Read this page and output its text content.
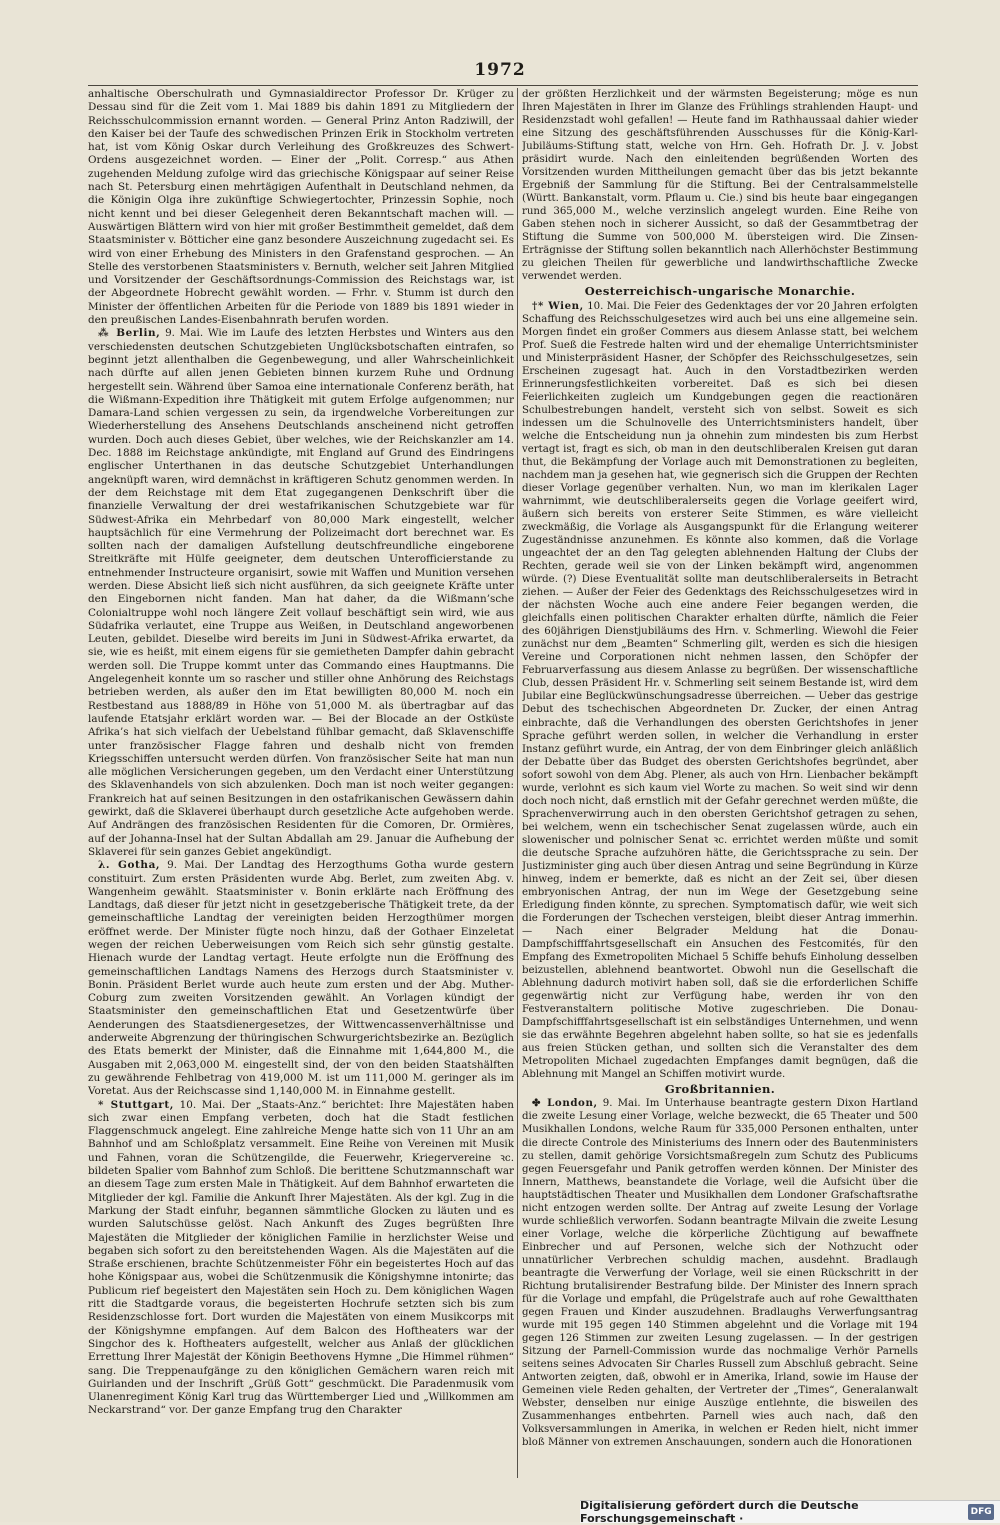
1972

anhaltische Oberschulrath und Gymnasialdirector Professor Dr. Krüger zu Dessau sind für die Zeit vom 1. Mai 1889 bis dahin 1891 zu Mitgliedern der Reichsschulcommission ernannt worden. — General Prinz Anton Radziwill, der den Kaiser bei der Taufe des schwedischen Prinzen Erik in Stockholm vertreten hat, ist vom König Oskar durch Verleihung des Großkreuzes des Schwert-Ordens ausgezeichnet worden. — Einer der „Polit. Corresp.“ aus Athen zugehenden Meldung zufolge wird das griechische Königspaar auf seiner Reise nach St. Petersburg einen mehrtägigen Aufenthalt in Deutschland nehmen, da die Königin Olga ihre zukünftige Schwiegertochter, Prinzessin Sophie, noch nicht kennt und bei dieser Gelegenheit deren Bekanntschaft machen will. — Auswärtigen Blättern wird von hier mit großer Bestimmtheit gemeldet, daß dem Staatsminister v. Bötticher eine ganz besondere Auszeichnung zugedacht sei. Es wird von einer Erhebung des Ministers in den Grafenstand gesprochen. — An Stelle des verstorbenen Staatsministers v. Bernuth, welcher seit Jahren Mitglied und Vorsitzender der Geschäftsordnungs-Commission des Reichstags war, ist der Abgeordnete Hobrecht gewählt worden. — Frhr. v. Stumm ist durch den Minister der öffentlichen Arbeiten für die Periode von 1889 bis 1891 wieder in den preußischen Landes-Eisenbahnrath berufen worden.

⁂ Berlin, 9. Mai. Wie im Laufe des letzten Herbstes und Winters aus den verschiedensten deutschen Schutzgebieten Unglücksbotschaften eintrafen, so beginnt jetzt allenthalben die Gegenbewegung, und aller Wahrscheinlichkeit nach dürfte auf allen jenen Gebieten binnen kurzem Ruhe und Ordnung hergestellt sein. Während über Samoa eine internationale Conferenz beräth, hat die Wißmann-Expedition ihre Thätigkeit mit gutem Erfolge aufgenommen; nur Damara-Land schien vergessen zu sein, da irgendwelche Vorbereitungen zur Wiederherstellung des Ansehens Deutschlands anscheinend nicht getroffen wurden. Doch auch dieses Gebiet, über welches, wie der Reichskanzler am 14. Dec. 1888 im Reichstage ankündigte, mit England auf Grund des Eindringens englischer Unterthanen in das deutsche Schutzgebiet Unterhandlungen angeknüpft waren, wird demnächst in kräftigeren Schutz genommen werden. In der dem Reichstage mit dem Etat zugegangenen Denkschrift über die finanzielle Verwaltung der drei westafrikanischen Schutzgebiete war für Südwest-Afrika ein Mehrbedarf von 80,000 Mark eingestellt, welcher hauptsächlich für eine Vermehrung der Polizeimacht dort berechnet war. Es sollten nach der damaligen Aufstellung deutschfreundliche eingeborene Streitkräfte mit Hülfe geeigneter, dem deutschen Unterofficierstande zu entnehmender Instructeure organisirt, sowie mit Waffen und Munition versehen werden. Diese Absicht ließ sich nicht ausführen, da sich geeignete Kräfte unter den Eingebornen nicht fanden. Man hat daher, da die Wißmann’sche Colonialtruppe wohl noch längere Zeit vollauf beschäftigt sein wird, wie aus Südafrika verlautet, eine Truppe aus Weißen, in Deutschland angeworbenen Leuten, gebildet. Dieselbe wird bereits im Juni in Südwest-Afrika erwartet, da sie, wie es heißt, mit einem eigens für sie gemietheten Dampfer dahin gebracht werden soll. Die Truppe kommt unter das Commando eines Hauptmanns. Die Angelegenheit konnte um so rascher und stiller ohne Anhörung des Reichstags betrieben werden, als außer den im Etat bewilligten 80,000 M. noch ein Restbestand aus 1888/89 in Höhe von 51,000 M. als übertragbar auf das laufende Etatsjahr erklärt worden war. — Bei der Blocade an der Ostküste Afrika’s hat sich vielfach der Uebelstand fühlbar gemacht, daß Sklavenschiffe unter französischer Flagge fahren und deshalb nicht von fremden Kriegsschiffen untersucht werden dürfen. Von französischer Seite hat man nun alle möglichen Versicherungen gegeben, um den Verdacht einer Unterstützung des Sklavenhandels von sich abzulenken. Doch man ist noch weiter gegangen: Frankreich hat auf seinen Besitzungen in den ostafrikanischen Gewässern dahin gewirkt, daß die Sklaverei überhaupt durch gesetzliche Acte aufgehoben werde. Auf Andrängen des französischen Residenten für die Comoren, Dr. Ormières, auf der Johanna-Insel hat der Sultan Abdallah am 29. Januar die Aufhebung der Sklaverei für sein ganzes Gebiet angekündigt.

λ. Gotha, 9. Mai. Der Landtag des Herzogthums Gotha wurde gestern constituirt. Zum ersten Präsidenten wurde Abg. Berlet, zum zweiten Abg. v. Wangenheim gewählt. Staatsminister v. Bonin erklärte nach Eröffnung des Landtags, daß dieser für jetzt nicht in gesetzgeberische Thätigkeit trete, da der gemeinschaftliche Landtag der vereinigten beiden Herzogthümer morgen eröffnet werde. Der Minister fügte noch hinzu, daß der Gothaer Einzeletat wegen der reichen Ueberweisungen vom Reich sich sehr günstig gestalte. Hienach wurde der Landtag vertagt. Heute erfolgte nun die Eröffnung des gemeinschaftlichen Landtags Namens des Herzogs durch Staatsminister v. Bonin. Präsident Berlet wurde auch heute zum ersten und der Abg. Muther-Coburg zum zweiten Vorsitzenden gewählt. An Vorlagen kündigt der Staatsminister den gemeinschaftlichen Etat und Gesetzentwürfe über Aenderungen des Staatsdienergesetzes, der Wittwencassenverhältnisse und anderweite Abgrenzung der thüringischen Schwurgerichtsbezirke an. Bezüglich des Etats bemerkt der Minister, daß die Einnahme mit 1,644,800 M., die Ausgaben mit 2,063,000 M. eingestellt sind, der von den beiden Staatshälften zu gewährende Fehlbetrag von 419,000 M. ist um 111,000 M. geringer als im Voretat. Aus der Reichscasse sind 1,140,000 M. in Einnahme gestellt.

* Stuttgart, 10. Mai. Der „Staats-Anz.“ berichtet: Ihre Majestäten haben sich zwar einen Empfang verbeten, doch hat die Stadt festlichen Flaggenschmuck angelegt. Eine zahlreiche Menge hatte sich von 11 Uhr an am Bahnhof und am Schloßplatz versammelt. Eine Reihe von Vereinen mit Musik und Fahnen, voran die Schützengilde, die Feuerwehr, Kriegervereine ꝛc. bildeten Spalier vom Bahnhof zum Schloß. Die berittene Schutzmannschaft war an diesem Tage zum ersten Male in Thätigkeit. Auf dem Bahnhof erwarteten die Mitglieder der kgl. Familie die Ankunft Ihrer Majestäten. Als der kgl. Zug in die Markung der Stadt einfuhr, begannen sämmtliche Glocken zu läuten und es wurden Salutschüsse gelöst. Nach Ankunft des Zuges begrüßten Ihre Majestäten die Mitglieder der königlichen Familie in herzlichster Weise und begaben sich sofort zu den bereitstehenden Wagen. Als die Majestäten auf die Straße erschienen, brachte Schützenmeister Föhr ein begeistertes Hoch auf das hohe Königspaar aus, wobei die Schützenmusik die Königshymne intonirte; das Publicum rief begeistert den Majestäten sein Hoch zu. Dem königlichen Wagen ritt die Stadtgarde voraus, die begeisterten Hochrufe setzten sich bis zum Residenzschlosse fort. Dort wurden die Majestäten von einem Musikcorps mit der Königshymne empfangen. Auf dem Balcon des Hoftheaters war der Singchor des k. Hoftheaters aufgestellt, welcher aus Anlaß der glücklichen Errettung Ihrer Majestät der Königin Beethovens Hymne „Die Himmel rühmen“ sang. Die Treppenaufgänge zu den königlichen Gemächern waren reich mit Guirlanden und der Inschrift „Grüß Gott“ geschmückt. Die Paradenmusik vom Ulanenregiment König Karl trug das Württemberger Lied und „Willkommen am Neckarstrand“ vor. Der ganze Empfang trug den Charakter

der größten Herzlichkeit und der wärmsten Begeisterung; möge es nun Ihren Majestäten in Ihrer im Glanze des Frühlings strahlenden Haupt- und Residenzstadt wohl gefallen! — Heute fand im Rathhaussaal dahier wieder eine Sitzung des geschäftsführenden Ausschusses für die König-Karl-Jubiläums-Stiftung statt, welche von Hrn. Geh. Hofrath Dr. J. v. Jobst präsidirt wurde. Nach den einleitenden begrüßenden Worten des Vorsitzenden wurden Mittheilungen gemacht über das bis jetzt bekannte Ergebniß der Sammlung für die Stiftung. Bei der Centralsammelstelle (Württ. Bankanstalt, vorm. Pflaum u. Cie.) sind bis heute baar eingegangen rund 365,000 M., welche verzinslich angelegt wurden. Eine Reihe von Gaben stehen noch in sicherer Aussicht, so daß der Gesammtbetrag der Stiftung die Summe von 500,000 M. übersteigen wird. Die Zinsen-Erträgnisse der Stiftung sollen bekanntlich nach Allerhöchster Bestimmung zu gleichen Theilen für gewerbliche und landwirthschaftliche Zwecke verwendet werden.

Oesterreichisch-ungarische Monarchie.

†* Wien, 10. Mai. Die Feier des Gedenktages der vor 20 Jahren erfolgten Schaffung des Reichsschulgesetzes wird auch bei uns eine allgemeine sein. Morgen findet ein großer Commers aus diesem Anlasse statt, bei welchem Prof. Sueß die Festrede halten wird und der ehemalige Unterrichtsminister und Ministerpräsident Hasner, der Schöpfer des Reichsschulgesetzes, sein Erscheinen zugesagt hat. Auch in den Vorstadtbezirken werden Erinnerungsfestlichkeiten vorbereitet. Daß es sich bei diesen Feierlichkeiten zugleich um Kundgebungen gegen die reactionären Schulbestrebungen handelt, versteht sich von selbst. Soweit es sich indessen um die Schulnovelle des Unterrichtsministers handelt, über welche die Entscheidung nun ja ohnehin zum mindesten bis zum Herbst vertagt ist, fragt es sich, ob man in den deutschliberalen Kreisen gut daran thut, die Bekämpfung der Vorlage auch mit Demonstrationen zu begleiten, nachdem man ja gesehen hat, wie gegnerisch sich die Gruppen der Rechten dieser Vorlage gegenüber verhalten. Nun, wo man im klerikalen Lager wahrnimmt, wie deutschliberalerseits gegen die Vorlage geeifert wird, äußern sich bereits von ersterer Seite Stimmen, es wäre vielleicht zweckmäßig, die Vorlage als Ausgangspunkt für die Erlangung weiterer Zugeständnisse anzunehmen. Es könnte also kommen, daß die Vorlage ungeachtet der an den Tag gelegten ablehnenden Haltung der Clubs der Rechten, gerade weil sie von der Linken bekämpft wird, angenommen würde. (?) Diese Eventualität sollte man deutschliberalerseits in Betracht ziehen. — Außer der Feier des Gedenktags des Reichsschulgesetzes wird in der nächsten Woche auch eine andere Feier begangen werden, die gleichfalls einen politischen Charakter erhalten dürfte, nämlich die Feier des 60jährigen Dienstjubiläums des Hrn. v. Schmerling. Wiewohl die Feier zunächst nur dem „Beamten“ Schmerling gilt, werden es sich die hiesigen Vereine und Corporationen nicht nehmen lassen, den Schöpfer der Februarverfassung aus diesem Anlasse zu begrüßen. Der wissenschaftliche Club, dessen Präsident Hr. v. Schmerling seit seinem Bestande ist, wird dem Jubilar eine Beglückwünschungsadresse überreichen. — Ueber das gestrige Debut des tschechischen Abgeordneten Dr. Zucker, der einen Antrag einbrachte, daß die Verhandlungen des obersten Gerichtshofes in jener Sprache geführt werden sollen, in welcher die Verhandlung in erster Instanz geführt wurde, ein Antrag, der von dem Einbringer gleich anläßlich der Debatte über das Budget des obersten Gerichtshofes begründet, aber sofort sowohl von dem Abg. Plener, als auch von Hrn. Lienbacher bekämpft wurde, verlohnt es sich kaum viel Worte zu machen. So weit sind wir denn doch noch nicht, daß ernstlich mit der Gefahr gerechnet werden müßte, die Sprachenverwirrung auch in den obersten Gerichtshof getragen zu sehen, bei welchem, wenn ein tschechischer Senat zugelassen würde, auch ein slowenischer und polnischer Senat ꝛc. errichtet werden müßte und somit die deutsche Sprache aufzuhören hätte, die Gerichtssprache zu sein. Der Justizminister ging auch über diesen Antrag und seine Begründung in Kürze hinweg, indem er bemerkte, daß es nicht an der Zeit sei, über diesen embryonischen Antrag, der nun im Wege der Gesetzgebung seine Erledigung finden könnte, zu sprechen. Symptomatisch dafür, wie weit sich die Forderungen der Tschechen versteigen, bleibt dieser Antrag immerhin. — Nach einer Belgrader Meldung hat die Donau-Dampfschifffahrtsgesellschaft ein Ansuchen des Festcomités, für den Empfang des Exmetropoliten Michael 5 Schiffe behufs Einholung desselben beizustellen, ablehnend beantwortet. Obwohl nun die Gesellschaft die Ablehnung dadurch motivirt haben soll, daß sie die erforderlichen Schiffe gegenwärtig nicht zur Verfügung habe, werden ihr von den Festveranstaltern politische Motive zugeschrieben. Die Donau-Dampfschifffahrtsgesellschaft ist ein selbständiges Unternehmen, und wenn sie das erwähnte Begehren abgelehnt haben sollte, so hat sie es jedenfalls aus freien Stücken gethan, und sollten sich die Veranstalter des dem Metropoliten Michael zugedachten Empfanges damit begnügen, daß die Ablehnung mit Mangel an Schiffen motivirt wurde.

Großbritannien.

✤ London, 9. Mai. Im Unterhause beantragte gestern Dixon Hartland die zweite Lesung einer Vorlage, welche bezweckt, die 65 Theater und 500 Musikhallen Londons, welche Raum für 335,000 Personen enthalten, unter die directe Controle des Ministeriums des Innern oder des Bautenministers zu stellen, damit gehörige Vorsichtsmaßregeln zum Schutz des Publicums gegen Feuersgefahr und Panik getroffen werden können. Der Minister des Innern, Matthews, beanstandete die Vorlage, weil die Aufsicht über die hauptstädtischen Theater und Musikhallen dem Londoner Grafschaftsrathe nicht entzogen werden sollte. Der Antrag auf zweite Lesung der Vorlage wurde schließlich verworfen. Sodann beantragte Milvain die zweite Lesung einer Vorlage, welche die körperliche Züchtigung auf bewaffnete Einbrecher und auf Personen, welche sich der Nothzucht oder unnatürlicher Verbrechen schuldig machen, ausdehnt. Bradlaugh beantragte die Verwerfung der Vorlage, weil sie einen Rückschritt in der Richtung brutalisirender Bestrafung bilde. Der Minister des Innern sprach für die Vorlage und empfahl, die Prügelstrafe auch auf rohe Gewaltthaten gegen Frauen und Kinder auszudehnen. Bradlaughs Verwerfungsantrag wurde mit 195 gegen 140 Stimmen abgelehnt und die Vorlage mit 194 gegen 126 Stimmen zur zweiten Lesung zugelassen. — In der gestrigen Sitzung der Parnell-Commission wurde das nochmalige Verhör Parnells seitens seines Advocaten Sir Charles Russell zum Abschluß gebracht. Seine Antworten zeigten, daß, obwohl er in Amerika, Irland, sowie im Hause der Gemeinen viele Reden gehalten, der Vertreter der „Times“, Generalanwalt Webster, denselben nur einige Auszüge entlehnte, die bisweilen des Zusammenhanges entbehrten. Parnell wies auch nach, daß den Volksversammlungen in Amerika, in welchen er Reden hielt, nicht immer bloß Männer von extremen Anschauungen, sondern auch die Honorationen

Digitalisierung gefördert durch die Deutsche Forschungsgemeinschaft ·	DFG
